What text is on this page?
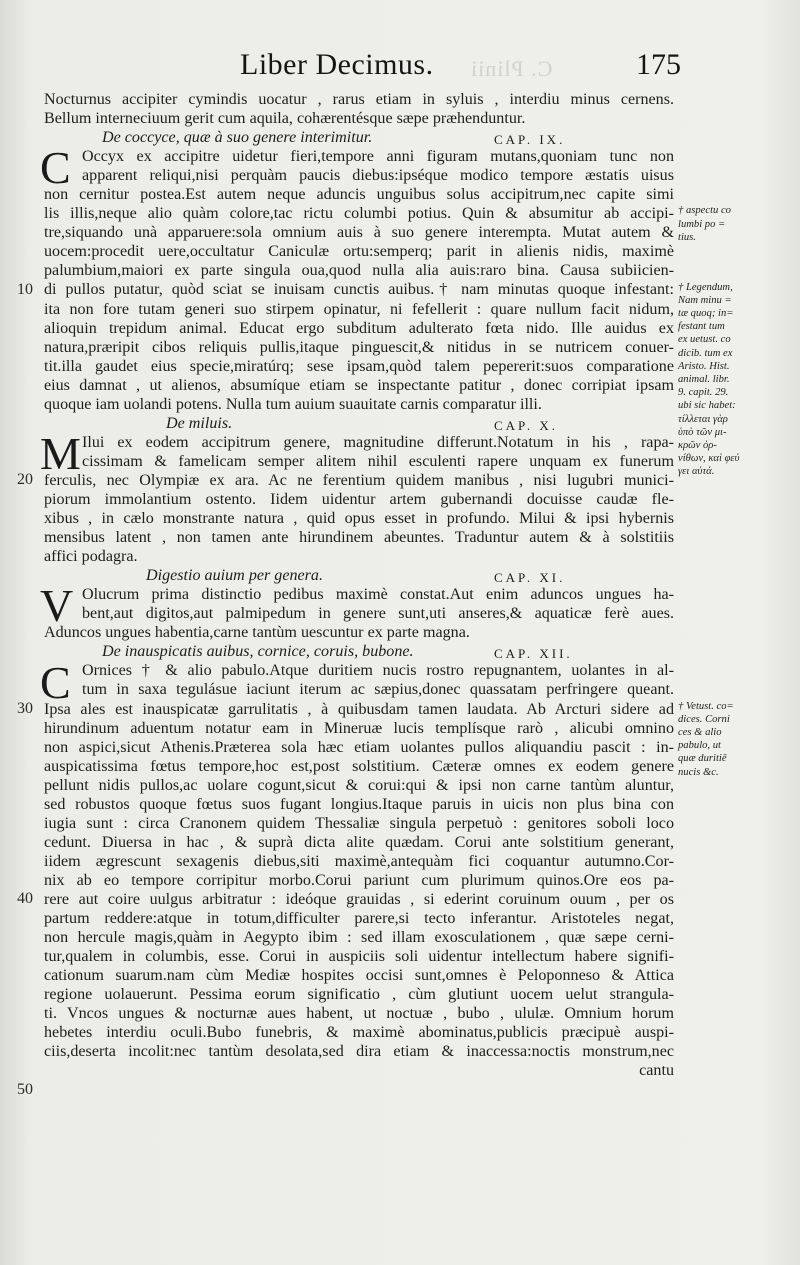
C. Plinii
Liber Decimus.	175
10
20
30
40
50
Nocturnus accipiter cymindis uocatur , rarus etiam in syluis , interdiu minus cernens.
Bellum interneciuum gerit cum aquila, cohærentésque sæpe præhenduntur.
De coccyce, quæ à suo genere interimitur.	CAP. IX.
C Occyx ex accipitre uidetur fieri,tempore anni figuram mutans,quoniam tunc non
apparent reliqui,nisi perquàm paucis diebus:ipséque modico tempore æstatis uisus
non cernitur postea.Est autem neque aduncis unguibus solus accipitrum,nec capite simi
lis illis,neque alio quàm colore,tac rictu columbi potius. Quin & absumitur ab accipi-
tre,siquando unà apparuere:sola omnium auis à suo genere interempta. Mutat autem &
uocem:procedit uere,occultatur Caniculæ ortu:semperq; parit in alienis nidis, maximè
palumbium,maiori ex parte singula oua,quod nulla alia auis:raro bina. Causa subiicien-
di pullos putatur, quòd sciat se inuisam cunctis auibus.† nam minutas quoque infestant:
ita non fore tutam generi suo stirpem opinatur, ni fefellerit : quare nullum facit nidum,
alioquin trepidum animal. Educat ergo subditum adulterato fœta nido. Ille auidus ex
natura,præripit cibos reliquis pullis,itaque pinguescit,& nitidus in se nutricem conuer-
tit.illa gaudet eius specie,miratúrq; sese ipsam,quòd talem pepererit:suos comparatione
eius damnat , ut alienos, absumíque etiam se inspectante patitur , donec corripiat ipsam
quoque iam uolandi potens. Nulla tum auium suauitate carnis comparatur illi.
De miluis.	CAP. X.
M Ilui ex eodem accipitrum genere, magnitudine differunt.Notatum in his , rapa-
cissimam & famelicam semper alitem nihil esculenti rapere unquam ex funerum
ferculis, nec Olympiæ ex ara. Ac ne ferentium quidem manibus , nisi lugubri munici-
piorum immolantium ostento. Iidem uidentur artem gubernandi docuisse caudæ fle-
xibus , in cælo monstrante natura , quid opus esset in profundo. Milui & ipsi hybernis
mensibus latent , non tamen ante hirundinem abeuntes. Traduntur autem & à solstitiis
affici podagra.
Digestio auium per genera.	CAP. XI.
V Olucrum prima distinctio pedibus maximè constat.Aut enim aduncos ungues ha-
bent,aut digitos,aut palmipedum in genere sunt,uti anseres,& aquaticæ ferè aues.
Aduncos ungues habentia,carne tantùm uescuntur ex parte magna.
De inauspicatis auibus, cornice, coruis, bubone.	CAP. XII.
C Ornices † & alio pabulo.Atque duritiem nucis rostro repugnantem, uolantes in al-
tum in saxa tegulásue iaciunt iterum ac sæpius,donec quassatam perfringere queant.
Ipsa ales est inauspicatæ garrulitatis , à quibusdam tamen laudata. Ab Arcturi sidere ad
hirundinum aduentum notatur eam in Mineruæ lucis templísque rarò , alicubi omnino
non aspici,sicut Athenis.Præterea sola hæc etiam uolantes pullos aliquandiu pascit : in-
auspicatissima fœtus tempore,hoc est,post solstitium. Cæteræ omnes ex eodem genere
pellunt nidis pullos,ac uolare cogunt,sicut & corui:qui & ipsi non carne tantùm aluntur,
sed robustos quoque fœtus suos fugant longius.Itaque paruis in uicis non plus bina con
iugia sunt : circa Cranonem quidem Thessaliæ singula perpetuò : genitores soboli loco
cedunt. Diuersa in hac , & suprà dicta alite quædam. Corui ante solstitium generant,
iidem ægrescunt sexagenis diebus,siti maximè,antequàm fici coquantur autumno.Cor-
nix ab eo tempore corripitur morbo.Corui pariunt cum plurimum quinos.Ore eos pa-
rere aut coire uulgus arbitratur : ideóque grauidas , si ederint coruinum ouum , per os
partum reddere:atque in totum,difficulter parere,si tecto inferantur. Aristoteles negat,
non hercule magis,quàm in Aegypto ibim : sed illam exosculationem , quæ sæpe cerni-
tur,qualem in columbis, esse. Corui in auspiciis soli uidentur intellectum habere signifi-
cationum suarum.nam cùm Mediæ hospites occisi sunt,omnes è Peloponneso & Attica
regione uolauerunt. Pessima eorum significatio , cùm glutiunt uocem uelut strangula-
ti. Vncos ungues & nocturnæ aues habent, ut noctuæ , bubo , ululæ. Omnium horum
hebetes interdiu oculi.Bubo funebris, & maximè abominatus,publicis præcipuè auspi-
ciis,deserta incolit:nec tantùm desolata,sed dira etiam & inaccessa:noctis monstrum,nec
cantu
† aspectu co
lumbi po =
tius.
† Legendum,
Nam minu =
tæ quoq; in=
festant tum
ex uetust. co
dicib. tum ex
Aristo. Hist.
animal. libr.
9. capit. 29.
ubi sic habet:
τίλλεται γὰρ
ὑπὸ τῶν μι-
κρῶν ὀρ-
νίθων, καὶ φεύ
γει αὐτά.
† Vetust. co=
dices. Corni
ces & alio
pabulo, ut
quæ duritiē
nucis &c.
